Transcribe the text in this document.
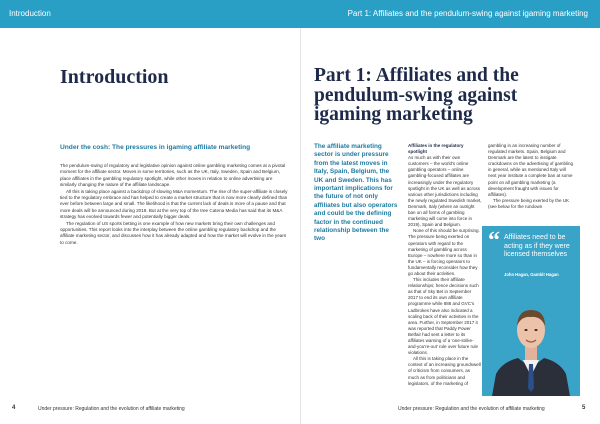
Introduction	Part 1: Affiliates and the pendulum-swing against igaming marketing
Introduction
Under the cosh: The pressures in igaming affiliate marketing

The pendulum-swing of regulatory and legislative opinion against online gambling marketing comes at a pivotal moment for the affiliate sector. Moves in some territories, such as the UK, Italy, Sweden, Spain and Belgium, place affiliates in the gambling regulatory spotlight, while other moves in relation to online advertising are similarly changing the nature of the affiliate landscape.

All this is taking place against a backdrop of slowing M&A momentum. The rise of the super-affiliate is closely tied to the regulatory embrace and has helped to create a market structure that is now more clearly defined than ever before between large and small. The likelihood is that the current lack of deals is more of a pause and that more deals will be announced during 2019. But at the very top of the tree Catena Media has said that its M&A strategy has evolved towards fewer and potentially bigger deals.

The regulation of US sports betting is one example of how new markets bring their own challenges and opportunities. This report looks into the interplay between the online gambling regulatory backdrop and the affiliate marketing sector, and discusses how it has already adapted and how the market will evolve in the years to come.

Part 1: Affiliates and the pendulum-swing against igaming marketing
The affiliate marketing sector is under pressure from the latest moves in Italy, Spain, Belgium, the UK and Sweden. This has important implications for the future of not only affiliates but also operators and could be the defining factor in the continued relationship between the two
Affiliates in the regulatory spotlight

As much as with their own customers – the world's online gambling operators – online gambling-focused affiliates are increasingly under the regulatory spotlight in the UK as well as across various other jurisdictions including the newly regulated Swedish market, Denmark, Italy (where an outright ban on all forms of gambling marketing will come into force in 2019), Spain and Belgium.

None of this should be surprising. The pressure being exerted on operators with regard to the marketing of gambling across Europe – nowhere more so than in the UK – is forcing operators to fundamentally reconsider how they go about their activities.

This includes their affiliate relationships; hence decisions such as that of Sky Bet in September 2017 to end its own affiliate programme while 888 and GVC's Ladbrokes have also indicated a scaling back of their activities in the area. Further, in September 2017 it was reported that Paddy Power Betfair had sent a letter to its affiliates warning of a 'one-strike-and-you're-out' rule over future rule violations.

All this is taking place in the context of an increasing groundswell of criticism from consumers, as much as from politicians and legislators, of the marketing of

gambling in an increasing number of regulated markets. Spain, Belgium and Denmark are the latest to instigate crackdowns on the advertising of gambling in general, while as mentioned Italy will next year institute a complete ban at some point on all gambling marketing (a development fraught with issues for affiliates).

The pressure being exerted by the UK (see below for the rundown

“ Affiliates need to be acting as if they were licensed themselves
John Hagan, Gambit Hagan
4	Under pressure: Regulation and the evolution of affiliate marketing	Under pressure: Regulation and the evolution of affiliate marketing	5
